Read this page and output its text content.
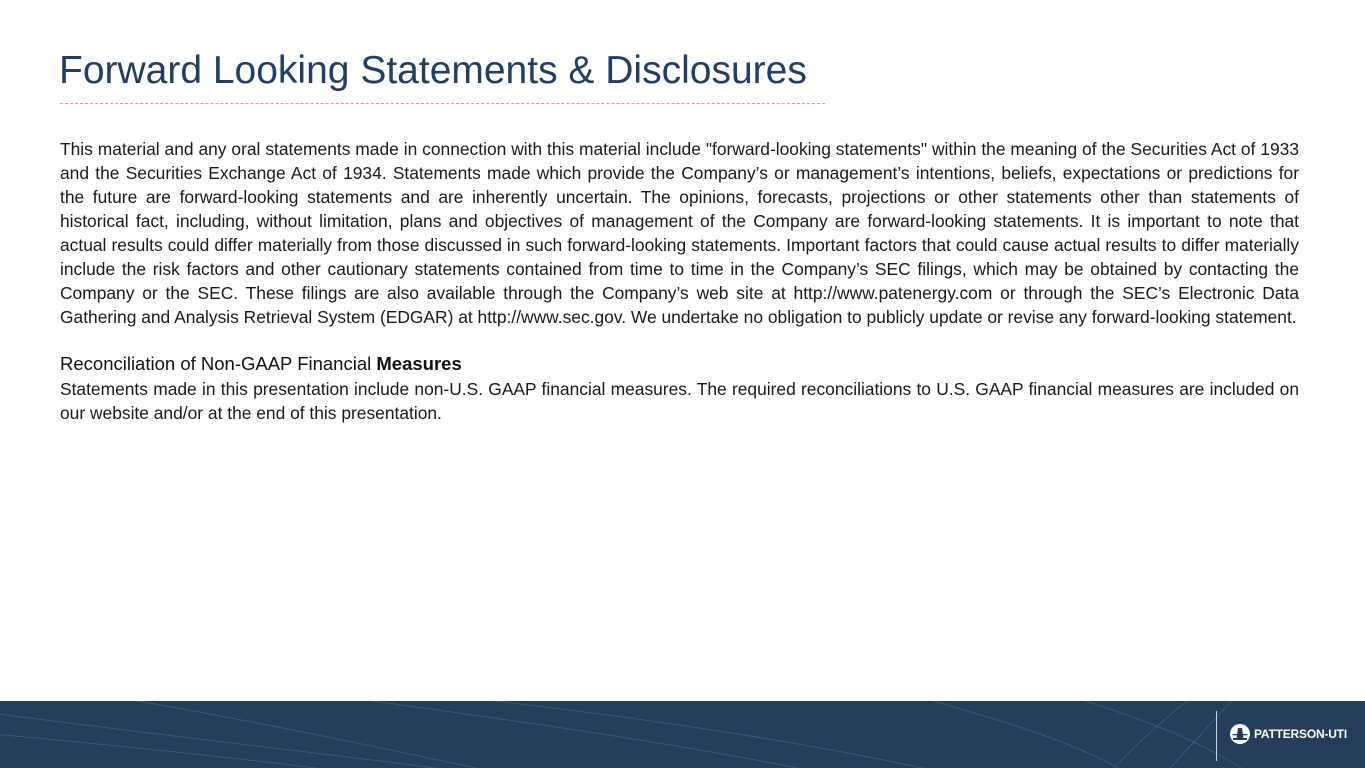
Forward Looking Statements & Disclosures

This material and any oral statements made in connection with this material include "forward-looking statements" within the meaning of the Securities Act of 1933 and the Securities Exchange Act of 1934. Statements made which provide the Company’s or management’s intentions, beliefs, expectations or predictions for the future are forward-looking statements and are inherently uncertain. The opinions, forecasts, projections or other statements other than statements of historical fact, including, without limitation, plans and objectives of management of the Company are forward-looking statements. It is important to note that actual results could differ materially from those discussed in such forward-looking statements. Important factors that could cause actual results to differ materially include the risk factors and other cautionary statements contained from time to time in the Company’s SEC filings, which may be obtained by contacting the Company or the SEC. These filings are also available through the Company’s web site at http://www.patenergy.com or through the SEC’s Electronic Data Gathering and Analysis Retrieval System (EDGAR) at http://www.sec.gov. We undertake no obligation to publicly update or revise any forward-looking statement.

Reconciliation of Non-GAAP Financial Measures

Statements made in this presentation include non-U.S. GAAP financial measures. The required reconciliations to U.S. GAAP financial measures are included on our website and/or at the end of this presentation.

PATTERSON-UTI
